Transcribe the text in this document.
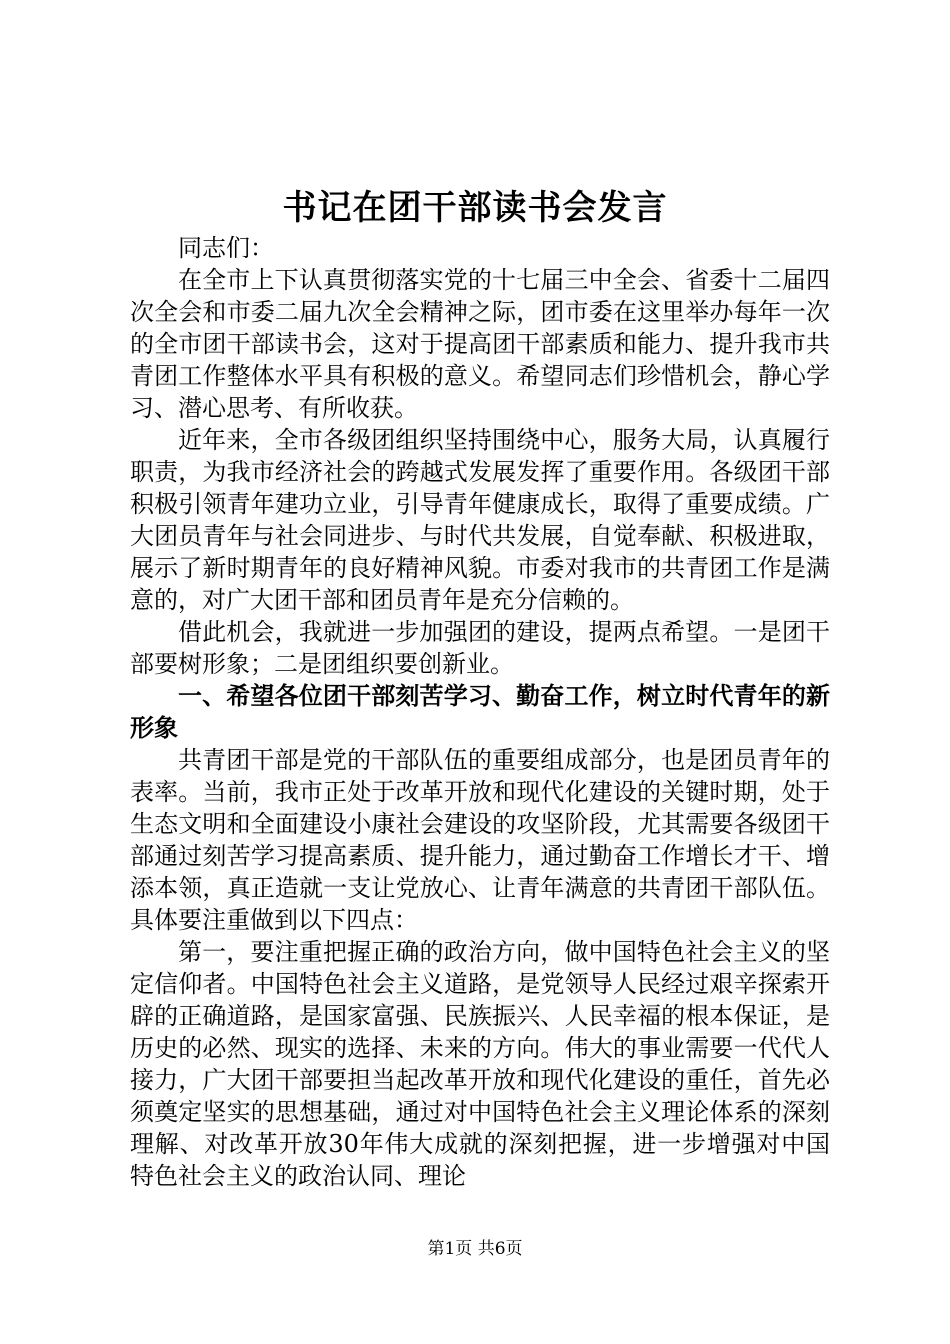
书记在团干部读书会发言

同志们：

在全市上下认真贯彻落实党的十七届三中全会、省委十二届四次全会和市委二届九次全会精神之际，团市委在这里举办每年一次的全市团干部读书会，这对于提高团干部素质和能力、提升我市共青团工作整体水平具有积极的意义。希望同志们珍惜机会，静心学习、潜心思考、有所收获。

近年来，全市各级团组织坚持围绕中心，服务大局，认真履行职责，为我市经济社会的跨越式发展发挥了重要作用。各级团干部积极引领青年建功立业，引导青年健康成长，取得了重要成绩。广大团员青年与社会同进步、与时代共发展，自觉奉献、积极进取，展示了新时期青年的良好精神风貌。市委对我市的共青团工作是满意的，对广大团干部和团员青年是充分信赖的。

借此机会，我就进一步加强团的建设，提两点希望。一是团干部要树形象；二是团组织要创新业。

一、希望各位团干部刻苦学习、勤奋工作，树立时代青年的新形象

共青团干部是党的干部队伍的重要组成部分，也是团员青年的表率。当前，我市正处于改革开放和现代化建设的关键时期，处于生态文明和全面建设小康社会建设的攻坚阶段，尤其需要各级团干部通过刻苦学习提高素质、提升能力，通过勤奋工作增长才干、增添本领，真正造就一支让党放心、让青年满意的共青团干部队伍。具体要注重做到以下四点：

第一，要注重把握正确的政治方向，做中国特色社会主义的坚定信仰者。中国特色社会主义道路，是党领导人民经过艰辛探索开辟的正确道路，是国家富强、民族振兴、人民幸福的根本保证，是历史的必然、现实的选择、未来的方向。伟大的事业需要一代代人接力，广大团干部要担当起改革开放和现代化建设的重任，首先必须奠定坚实的思想基础，通过对中国特色社会主义理论体系的深刻理解、对改革开放30年伟大成就的深刻把握，进一步增强对中国特色社会主义的政治认同、理论

第1页 共6页
